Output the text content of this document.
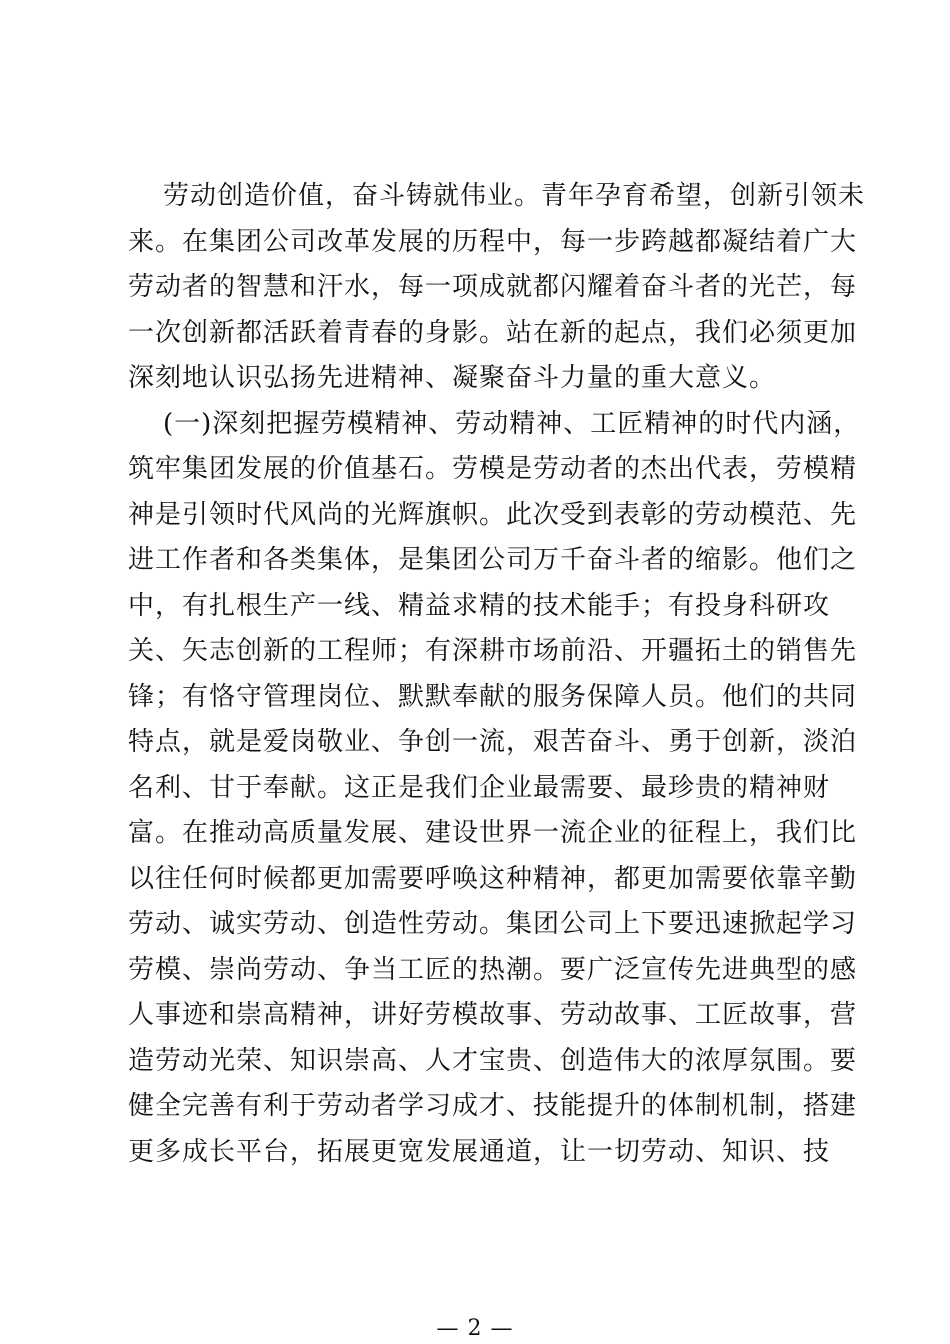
劳动创造价值，奋斗铸就伟业。青年孕育希望，创新引领未
来。在集团公司改革发展的历程中，每一步跨越都凝结着广大
劳动者的智慧和汗水，每一项成就都闪耀着奋斗者的光芒，每
一次创新都活跃着青春的身影。站在新的起点，我们必须更加
深刻地认识弘扬先进精神、凝聚奋斗力量的重大意义。
(一)深刻把握劳模精神、劳动精神、工匠精神的时代内涵，
筑牢集团发展的价值基石。劳模是劳动者的杰出代表，劳模精
神是引领时代风尚的光辉旗帜。此次受到表彰的劳动模范、先
进工作者和各类集体，是集团公司万千奋斗者的缩影。他们之
中，有扎根生产一线、精益求精的技术能手；有投身科研攻
关、矢志创新的工程师；有深耕市场前沿、开疆拓土的销售先
锋；有恪守管理岗位、默默奉献的服务保障人员。他们的共同
特点，就是爱岗敬业、争创一流，艰苦奋斗、勇于创新，淡泊
名利、甘于奉献。这正是我们企业最需要、最珍贵的精神财
富。在推动高质量发展、建设世界一流企业的征程上，我们比
以往任何时候都更加需要呼唤这种精神，都更加需要依靠辛勤
劳动、诚实劳动、创造性劳动。集团公司上下要迅速掀起学习
劳模、崇尚劳动、争当工匠的热潮。要广泛宣传先进典型的感
人事迹和崇高精神，讲好劳模故事、劳动故事、工匠故事，营
造劳动光荣、知识崇高、人才宝贵、创造伟大的浓厚氛围。要
健全完善有利于劳动者学习成才、技能提升的体制机制，搭建
更多成长平台，拓展更宽发展通道，让一切劳动、知识、技
— 2 —
